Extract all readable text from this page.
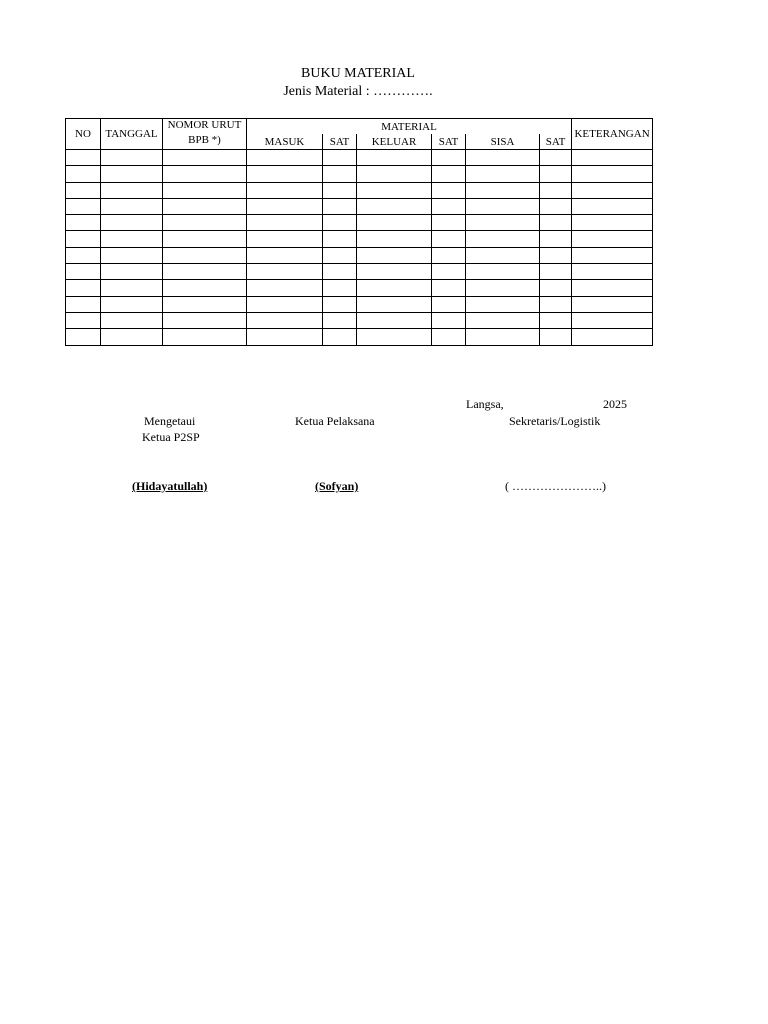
BUKU MATERIAL
Jenis Material : ………….
NO	TANGGAL	NOMOR URUT	MATERIAL						KETERANGAN
		BPB *)	MASUK	SAT	KELUAR	SAT	SISA	SAT	

Langsa,	2025
Mengetaui
Ketua P2SP
Ketua Pelaksana	Sekretaris/Logistik
(Hidayatullah)	(Sofyan)	( …………………..)
